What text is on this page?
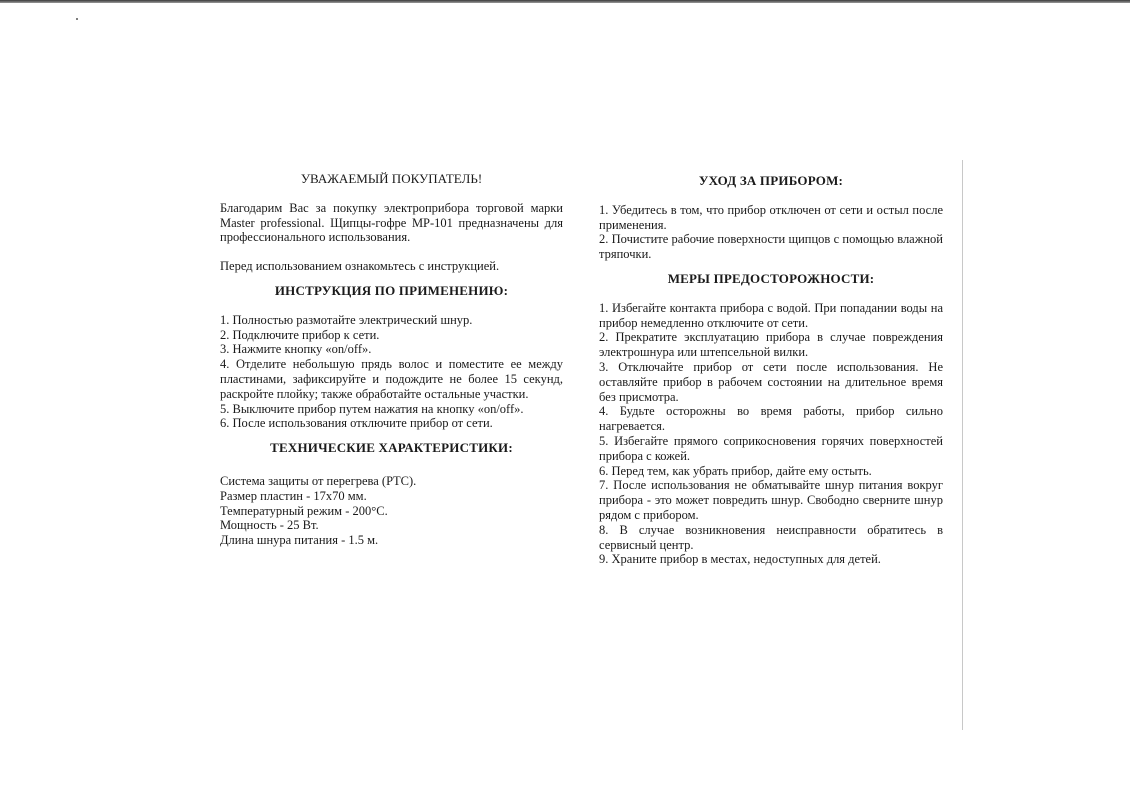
УВАЖАЕМЫЙ ПОКУПАТЕЛЬ!

Благодарим Вас за покупку электроприбора торговой марки Master professional. Щипцы-гофре МР-101 предназначены для профессионального использования.

Перед использованием ознакомьтесь с инструкцией.

ИНСТРУКЦИЯ ПО ПРИМЕНЕНИЮ:

1. Полностью размотайте электрический шнур.

2. Подключите прибор к сети.

3. Нажмите кнопку «on/off».

4. Отделите небольшую прядь волос и поместите ее между пластинами, зафиксируйте и подождите не более 15 секунд, раскройте плойку; также обработайте остальные участки.

5. Выключите прибор путем нажатия на кнопку «on/off».

6. После использования отключите прибор от сети.

ТЕХНИЧЕСКИЕ ХАРАКТЕРИСТИКИ:

Система защиты от перегрева (PTC).

Размер пластин - 17х70 мм.

Температурный режим - 200°С.

Мощность - 25 Вт.

Длина шнура питания - 1.5 м.

УХОД ЗА ПРИБОРОМ:

1. Убедитесь в том, что прибор отключен от сети и остыл после применения.

2. Почистите рабочие поверхности щипцов с помощью влажной тряпочки.

МЕРЫ ПРЕДОСТОРОЖНОСТИ:

1. Избегайте контакта прибора с водой. При попадании воды на прибор немедленно отключите от сети.

2. Прекратите эксплуатацию прибора в случае повреждения электрошнура или штепсельной вилки.

3. Отключайте прибор от сети после использования. Не оставляйте прибор в рабочем состоянии на длительное время без присмотра.

4. Будьте осторожны во время работы, прибор сильно нагревается.

5. Избегайте прямого соприкосновения горячих поверхностей прибора с кожей.

6. Перед тем, как убрать прибор, дайте ему остыть.

7. После использования не обматывайте шнур питания вокруг прибора - это может повредить шнур. Свободно сверните шнур рядом с прибором.

8. В случае возникновения неисправности обратитесь в сервисный центр.

9. Храните прибор в местах, недоступных для детей.
